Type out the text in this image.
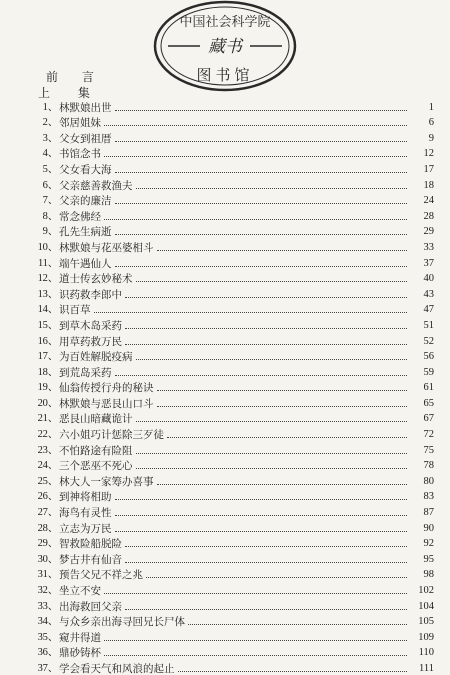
中国社会科学院
藏书
图书馆
前 言
上 集
1、 林默娘出世	1
2、 邻居姐妹	6
3、 父女到祖厝	9
4、 书馆念书	12
5、 父女看大海	17
6、 父亲慈善救渔夫	18
7、 父亲的廉洁	24
8、 常念佛经	28
9、 孔先生病逝	29
10、 林默娘与花巫婆相斗	33
11、 端午遇仙人	37
12、 道士传玄妙秘术	40
13、 识药救李郎中	43
14、 识百草	47
15、 到草木岛采药	51
16、 用草药救万民	52
17、 为百姓解脱疫病	56
18、 到荒岛采药	59
19、 仙翁传授行舟的秘诀	61
20、 林默娘与恶艮山口斗	65
21、 恶艮山暗藏诡计	67
22、 六小姐巧计惩除三歹徒	72
23、 不怕路途有险阻	75
24、 三个恶巫不死心	78
25、 林大人一家筹办喜事	80
26、 到神将相助	83
27、 海鸟有灵性	87
28、 立志为万民	90
29、 智救险船脱险	92
30、 梦古井有仙音	95
31、 预告父兄不祥之兆	98
32、 坐立不安	102
33、 出海救回父亲	104
34、 与众乡亲出海寻回兄长尸体	105
35、 窥井得道	109
36、 鼎砂铸杯	110
37、 学会看天气和风浪的起止	111
